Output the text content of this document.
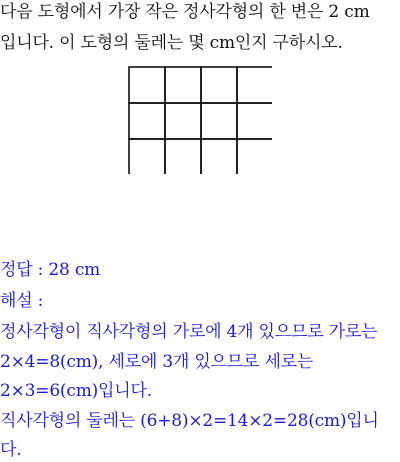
다음 도형에서 가장 작은 정사각형의 한 변은 2 cm
입니다. 이 도형의 둘레는 몇 cm인지 구하시오.
정답 : 28 cm
해설 :
정사각형이 직사각형의 가로에 4개 있으므로 가로는
2×4=8(cm), 세로에 3개 있으므로 세로는
2×3=6(cm)입니다.
직사각형의 둘레는 (6+8)×2=14×2=28(cm)입니
다.
